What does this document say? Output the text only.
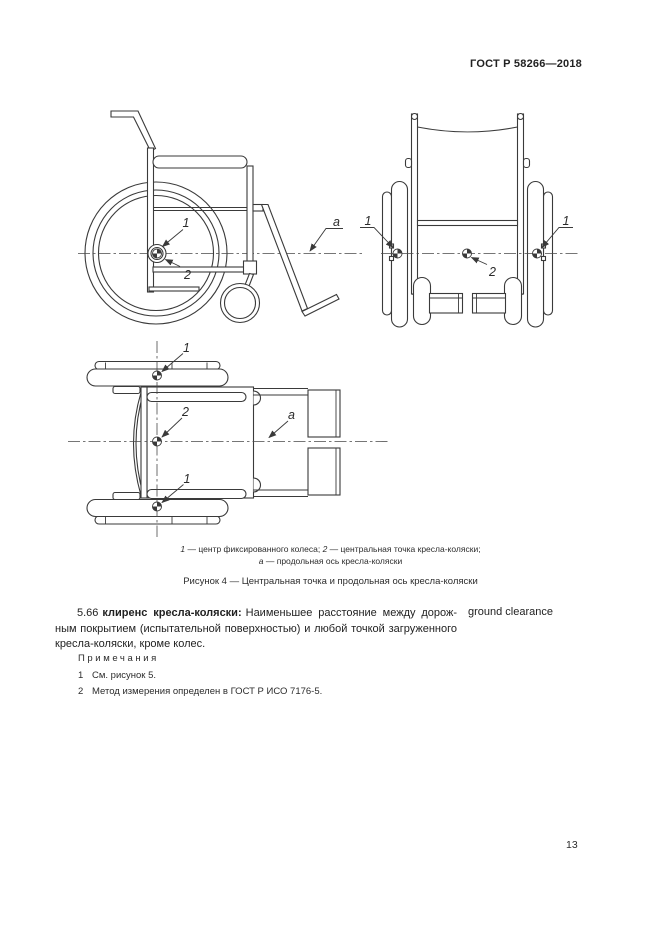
ГОСТ Р 58266—2018
1
2
а 1	1
2
1
2	а
1
1 — центр фиксированного колеса; 2 — центральная точка кресла-коляски;
а — продольная ось кресла-коляски
Рисунок 4 — Центральная точка и продольная ось кресла-коляски
5.66 клиренс кресла-коляски: Наименьшее расстояние между дорож-
ным покрытием (испытательной поверхностью) и любой точкой загруженного
кресла-коляски, кроме колес.
ground clearance
Примечания
1 См. рисунок 5.
2 Метод измерения определен в ГОСТ Р ИСО 7176-5.
13
